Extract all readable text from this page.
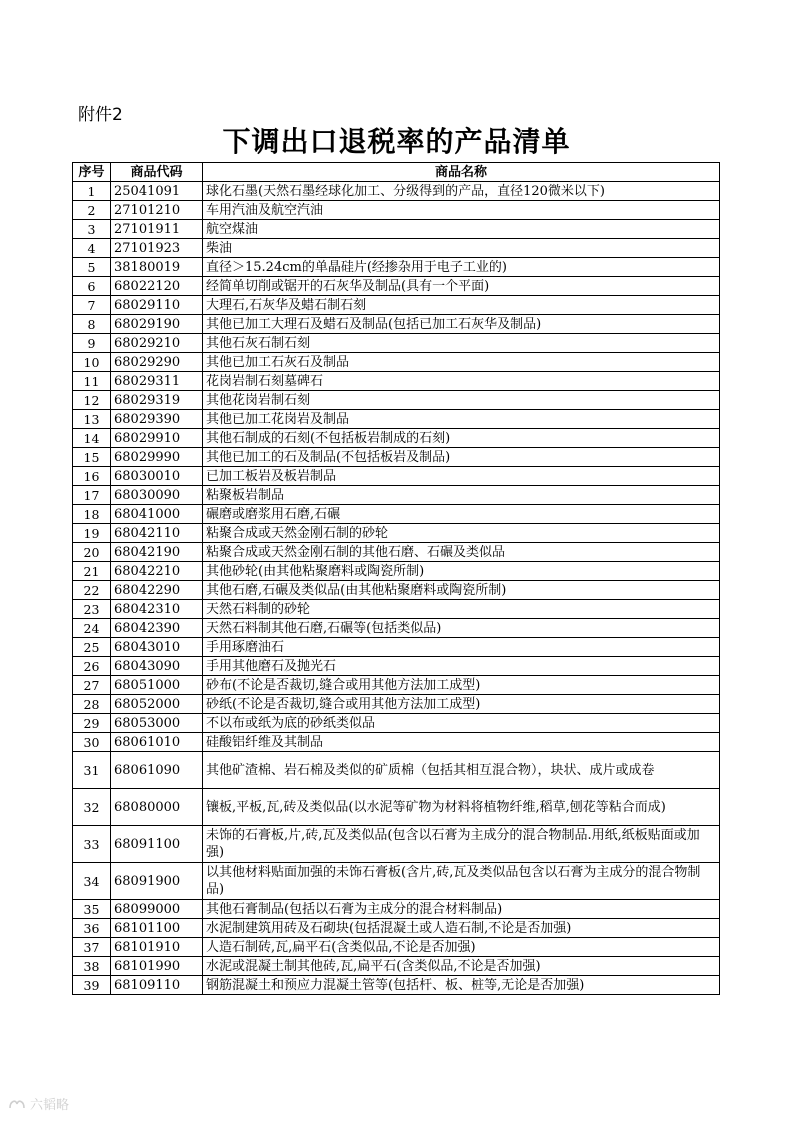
附件2
下调出口退税率的产品清单
序号	商品代码	商品名称
1	25041091	球化石墨(天然石墨经球化加工、分级得到的产品，直径120微米以下)
2	27101210	车用汽油及航空汽油
3	27101911	航空煤油
4	27101923	柴油
5	38180019	直径＞15.24cm的单晶硅片(经掺杂用于电子工业的)
6	68022120	经简单切削或锯开的石灰华及制品(具有一个平面)
7	68029110	大理石,石灰华及蜡石制石刻
8	68029190	其他已加工大理石及蜡石及制品(包括已加工石灰华及制品)
9	68029210	其他石灰石制石刻
10	68029290	其他已加工石灰石及制品
11	68029311	花岗岩制石刻墓碑石
12	68029319	其他花岗岩制石刻
13	68029390	其他已加工花岗岩及制品
14	68029910	其他石制成的石刻(不包括板岩制成的石刻)
15	68029990	其他已加工的石及制品(不包括板岩及制品)
16	68030010	已加工板岩及板岩制品
17	68030090	粘聚板岩制品
18	68041000	碾磨或磨浆用石磨,石碾
19	68042110	粘聚合成或天然金刚石制的砂轮
20	68042190	粘聚合成或天然金刚石制的其他石磨、石碾及类似品
21	68042210	其他砂轮(由其他粘聚磨料或陶瓷所制)
22	68042290	其他石磨,石碾及类似品(由其他粘聚磨料或陶瓷所制)
23	68042310	天然石料制的砂轮
24	68042390	天然石料制其他石磨,石碾等(包括类似品)
25	68043010	手用琢磨油石
26	68043090	手用其他磨石及抛光石
27	68051000	砂布(不论是否裁切,缝合或用其他方法加工成型)
28	68052000	砂纸(不论是否裁切,缝合或用其他方法加工成型)
29	68053000	不以布或纸为底的砂纸类似品
30	68061010	硅酸铝纤维及其制品
31	68061090	其他矿渣棉、岩石棉及类似的矿质棉（包括其相互混合物），块状、成片或成卷
32	68080000	镶板,平板,瓦,砖及类似品(以水泥等矿物为材料将植物纤维,稻草,刨花等粘合而成)
33	68091100	未饰的石膏板,片,砖,瓦及类似品(包含以石膏为主成分的混合物制品.用纸,纸板贴面或加强)
34	68091900	以其他材料贴面加强的未饰石膏板(含片,砖,瓦及类似品包含以石膏为主成分的混合物制品)
35	68099000	其他石膏制品(包括以石膏为主成分的混合材料制品)
36	68101100	水泥制建筑用砖及石砌块(包括混凝土或人造石制,不论是否加强)
37	68101910	人造石制砖,瓦,扁平石(含类似品,不论是否加强)
38	68101990	水泥或混凝土制其他砖,瓦,扁平石(含类似品,不论是否加强)
39	68109110	钢筋混凝土和预应力混凝土管等(包括杆、板、桩等,无论是否加强)
六韬略
